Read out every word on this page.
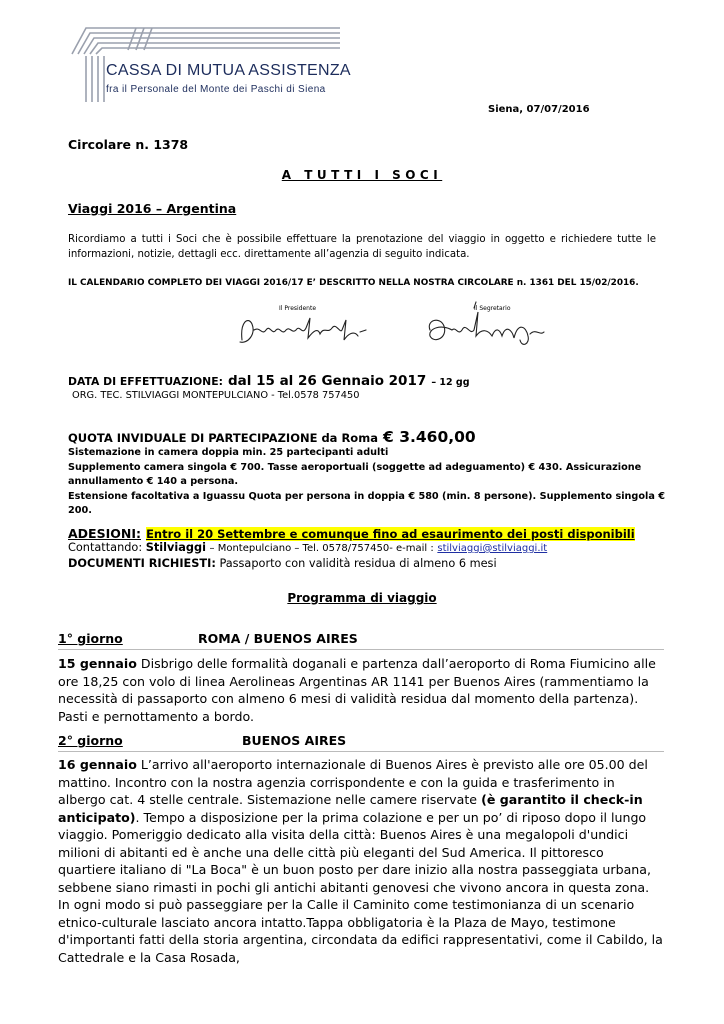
CASSA DI MUTUA ASSISTENZA
fra il Personale del Monte dei Paschi di Siena
Siena, 07/07/2016
Circolare n. 1378
A TUTTI I SOCI
Viaggi 2016 – Argentina
Ricordiamo a tutti i Soci che è possibile effettuare la prenotazione del viaggio in oggetto e richiedere tutte le informazioni, notizie, dettagli ecc. direttamente all’agenzia di seguito indicata.
IL CALENDARIO COMPLETO DEI VIAGGI 2016/17 E’ DESCRITTO NELLA NOSTRA CIRCOLARE n. 1361 DEL 15/02/2016.
Il Presidente	Il Segretario
DATA DI EFFETTUAZIONE: dal 15 al 26 Gennaio 2017 – 12 gg
ORG. TEC. STILVIAGGI MONTEPULCIANO - Tel.0578 757450
QUOTA INVIDUALE DI PARTECIPAZIONE da Roma € 3.460,00
Sistemazione in camera doppia min. 25 partecipanti adulti
Supplemento camera singola € 700. Tasse aeroportuali (soggette ad adeguamento) € 430. Assicurazione annullamento € 140 a persona.
Estensione facoltativa a Iguassu Quota per persona in doppia € 580 (min. 8 persone). Supplemento singola € 200.
ADESIONI: Entro il 20 Settembre e comunque fino ad esaurimento dei posti disponibili
Contattando: Stilviaggi – Montepulciano – Tel. 0578/757450- e-mail : stilviaggi@stilviaggi.it
DOCUMENTI RICHIESTI: Passaporto con validità residua di almeno 6 mesi
Programma di viaggio
1° giorno	ROMA / BUENOS AIRES
15 gennaio Disbrigo delle formalità doganali e partenza dall’aeroporto di Roma Fiumicino alle ore 18,25 con volo di linea Aerolineas Argentinas AR 1141 per Buenos Aires (rammentiamo la necessità di passaporto con almeno 6 mesi di validità residua dal momento della partenza). Pasti e pernottamento a bordo.
2° giorno	BUENOS AIRES
16 gennaio L’arrivo all'aeroporto internazionale di Buenos Aires è previsto alle ore 05.00 del mattino. Incontro con la nostra agenzia corrispondente e con la guida e trasferimento in albergo cat. 4 stelle centrale. Sistemazione nelle camere riservate (è garantito il check-in anticipato). Tempo a disposizione per la prima colazione e per un po’ di riposo dopo il lungo viaggio. Pomeriggio dedicato alla visita della città: Buenos Aires è una megalopoli d'undici milioni di abitanti ed è anche una delle città più eleganti del Sud America. Il pittoresco quartiere italiano di "La Boca" è un buon posto per dare inizio alla nostra passeggiata urbana, sebbene siano rimasti in pochi gli antichi abitanti genovesi che vivono ancora in questa zona. In ogni modo si può passeggiare per la Calle il Caminito come testimonianza di un scenario etnico-culturale lasciato ancora intatto.Tappa obbligatoria è la Plaza de Mayo, testimone d'importanti fatti della storia argentina, circondata da edifici rappresentativi, come il Cabildo, la Cattedrale e la Casa Rosada,
